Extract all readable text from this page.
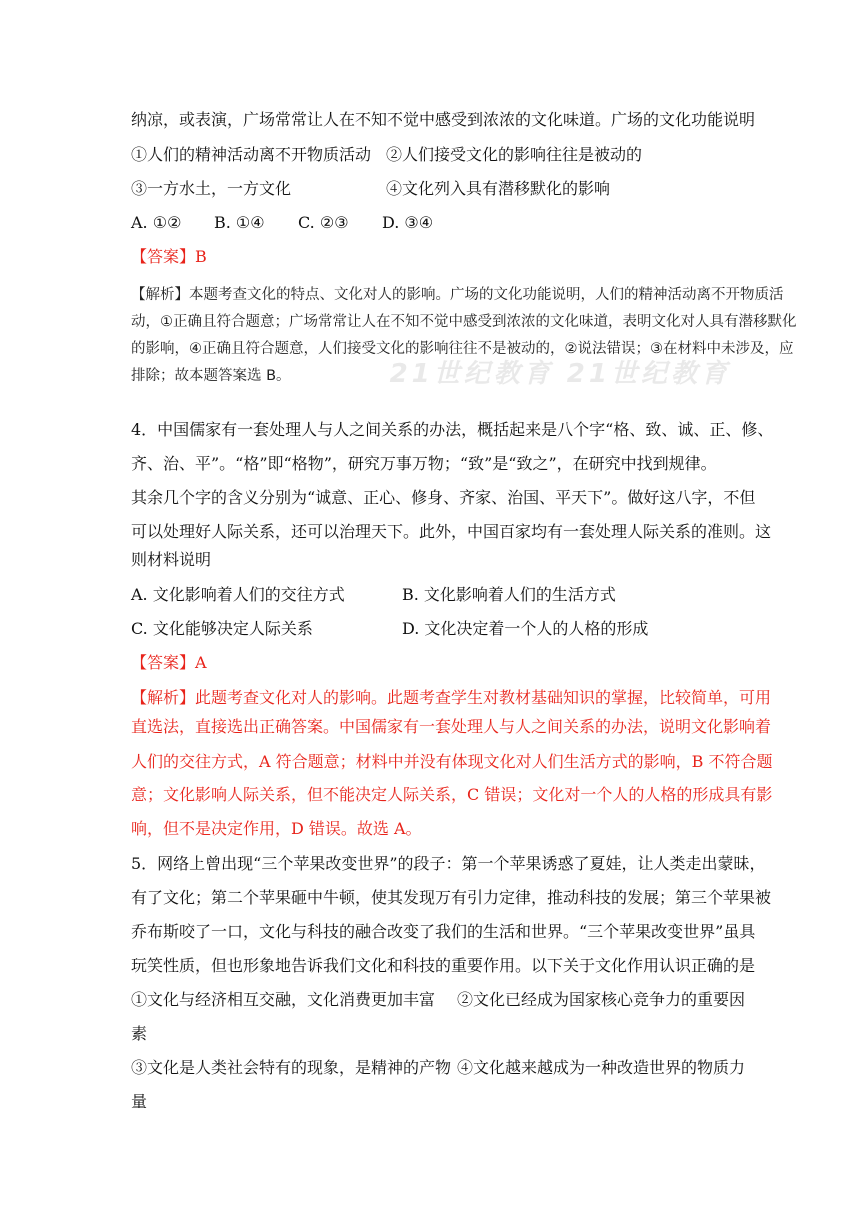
纳凉，或表演，广场常常让人在不知不觉中感受到浓浓的文化味道。广场的文化功能说明
①人们的精神活动离不开物质活动 ②人们接受文化的影响往往是被动的
③一方水土，一方文化	④文化列入具有潜移默化的影响
A. ①② B. ①④ C. ②③ D. ③④
【答案】B
21世纪教育 21世纪教育
【解析】本题考查文化的特点、文化对人的影响。广场的文化功能说明，人们的精神活动离不开物质活
动，①正确且符合题意；广场常常让人在不知不觉中感受到浓浓的文化味道，表明文化对人具有潜移默化
的影响，④正确且符合题意，人们接受文化的影响往往不是被动的，②说法错误；③在材料中未涉及，应
排除；故本题答案选 B。
4．中国儒家有一套处理人与人之间关系的办法，概括起来是八个字“格、致、诚、正、修、
齐、治、平”。“格”即“格物”，研究万事万物；“致”是“致之”，在研究中找到规律。
其余几个字的含义分别为“诚意、正心、修身、齐家、治国、平天下”。做好这八字，不但
可以处理好人际关系，还可以治理天下。此外，中国百家均有一套处理人际关系的准则。这
则材料说明
A. 文化影响着人们的交往方式	B. 文化影响着人们的生活方式
C. 文化能够决定人际关系	D. 文化决定着一个人的人格的形成
【答案】A
【解析】此题考查文化对人的影响。此题考查学生对教材基础知识的掌握，比较简单，可用
直选法，直接选出正确答案。中国儒家有一套处理人与人之间关系的办法，说明文化影响着
人们的交往方式，A 符合题意；材料中并没有体现文化对人们生活方式的影响，B 不符合题
意；文化影响人际关系，但不能决定人际关系，C 错误；文化对一个人的人格的形成具有影
响，但不是决定作用，D 错误。故选 A。
5．网络上曾出现“三个苹果改变世界”的段子：第一个苹果诱惑了夏娃，让人类走出蒙昧，
有了文化；第二个苹果砸中牛顿，使其发现万有引力定律，推动科技的发展；第三个苹果被
乔布斯咬了一口，文化与科技的融合改变了我们的生活和世界。“三个苹果改变世界”虽具
玩笑性质，但也形象地告诉我们文化和科技的重要作用。以下关于文化作用认识正确的是
①文化与经济相互交融，文化消费更加丰富 ②文化已经成为国家核心竞争力的重要因
素
③文化是人类社会特有的现象，是精神的产物 ④文化越来越成为一种改造世界的物质力
量
